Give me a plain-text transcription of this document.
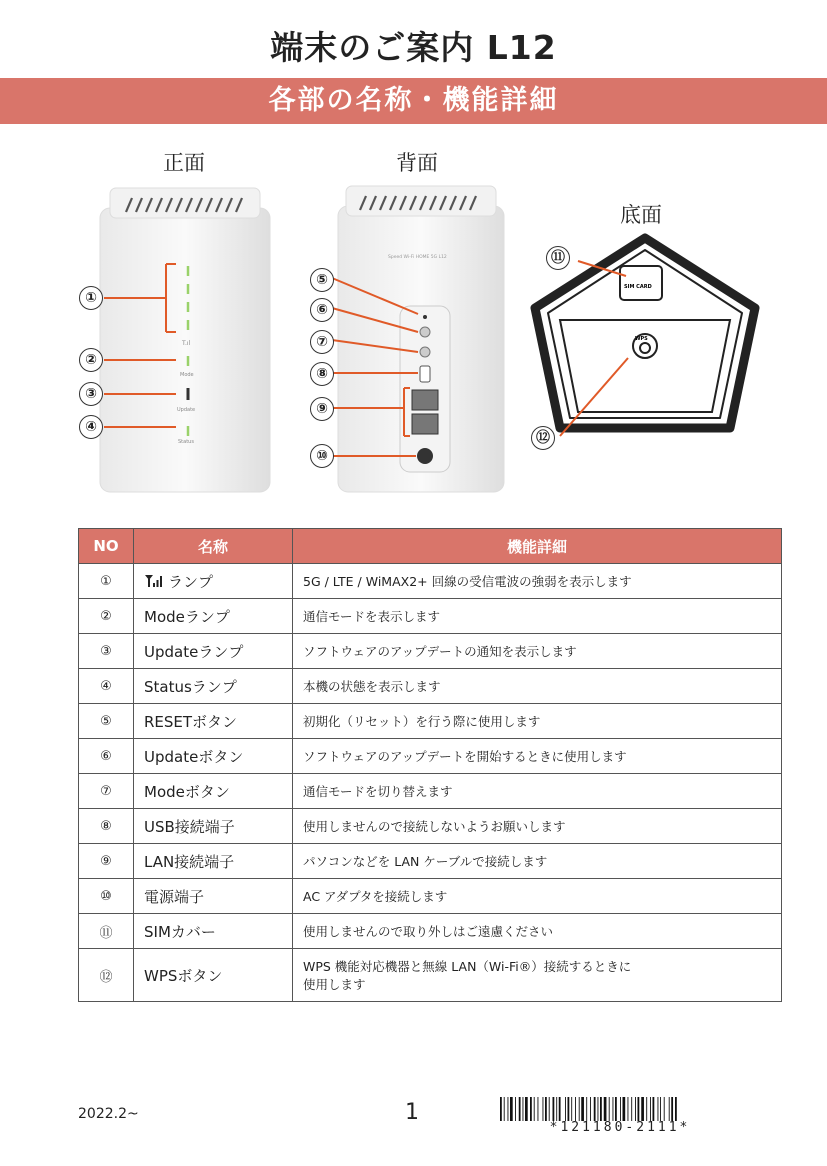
端末のご案内 L12
各部の名称・機能詳細
正面	背面
底面
T.ıl
Mode
Update
Status
①
②
③
④
Speed Wi-Fi HOME 5G L12
⑤
⑥
⑦
⑧
⑨
⑩
SIM CARD
WPS
⑪
⑫
NO	名称	機能詳細
①	ランプ	5G / LTE / WiMAX2+ 回線の受信電波の強弱を表示します
②	Modeランプ	通信モードを表示します
③	Updateランプ	ソフトウェアのアップデートの通知を表示します
④	Statusランプ	本機の状態を表示します
⑤	RESETボタン	初期化（リセット）を行う際に使用します
⑥	Updateボタン	ソフトウェアのアップデートを開始するときに使用します
⑦	Modeボタン	通信モードを切り替えます
⑧	USB接続端子	使用しませんので接続しないようお願いします
⑨	LAN接続端子	パソコンなどを LAN ケーブルで接続します
⑩	電源端子	AC アダプタを接続します
⑪	SIMカバー	使用しませんので取り外しはご遠慮ください
⑫	WPSボタン	WPS 機能対応機器と無線 LAN（Wi-Fi®）接続するときに
使用します
2022.2~	1
*121180-2111*
